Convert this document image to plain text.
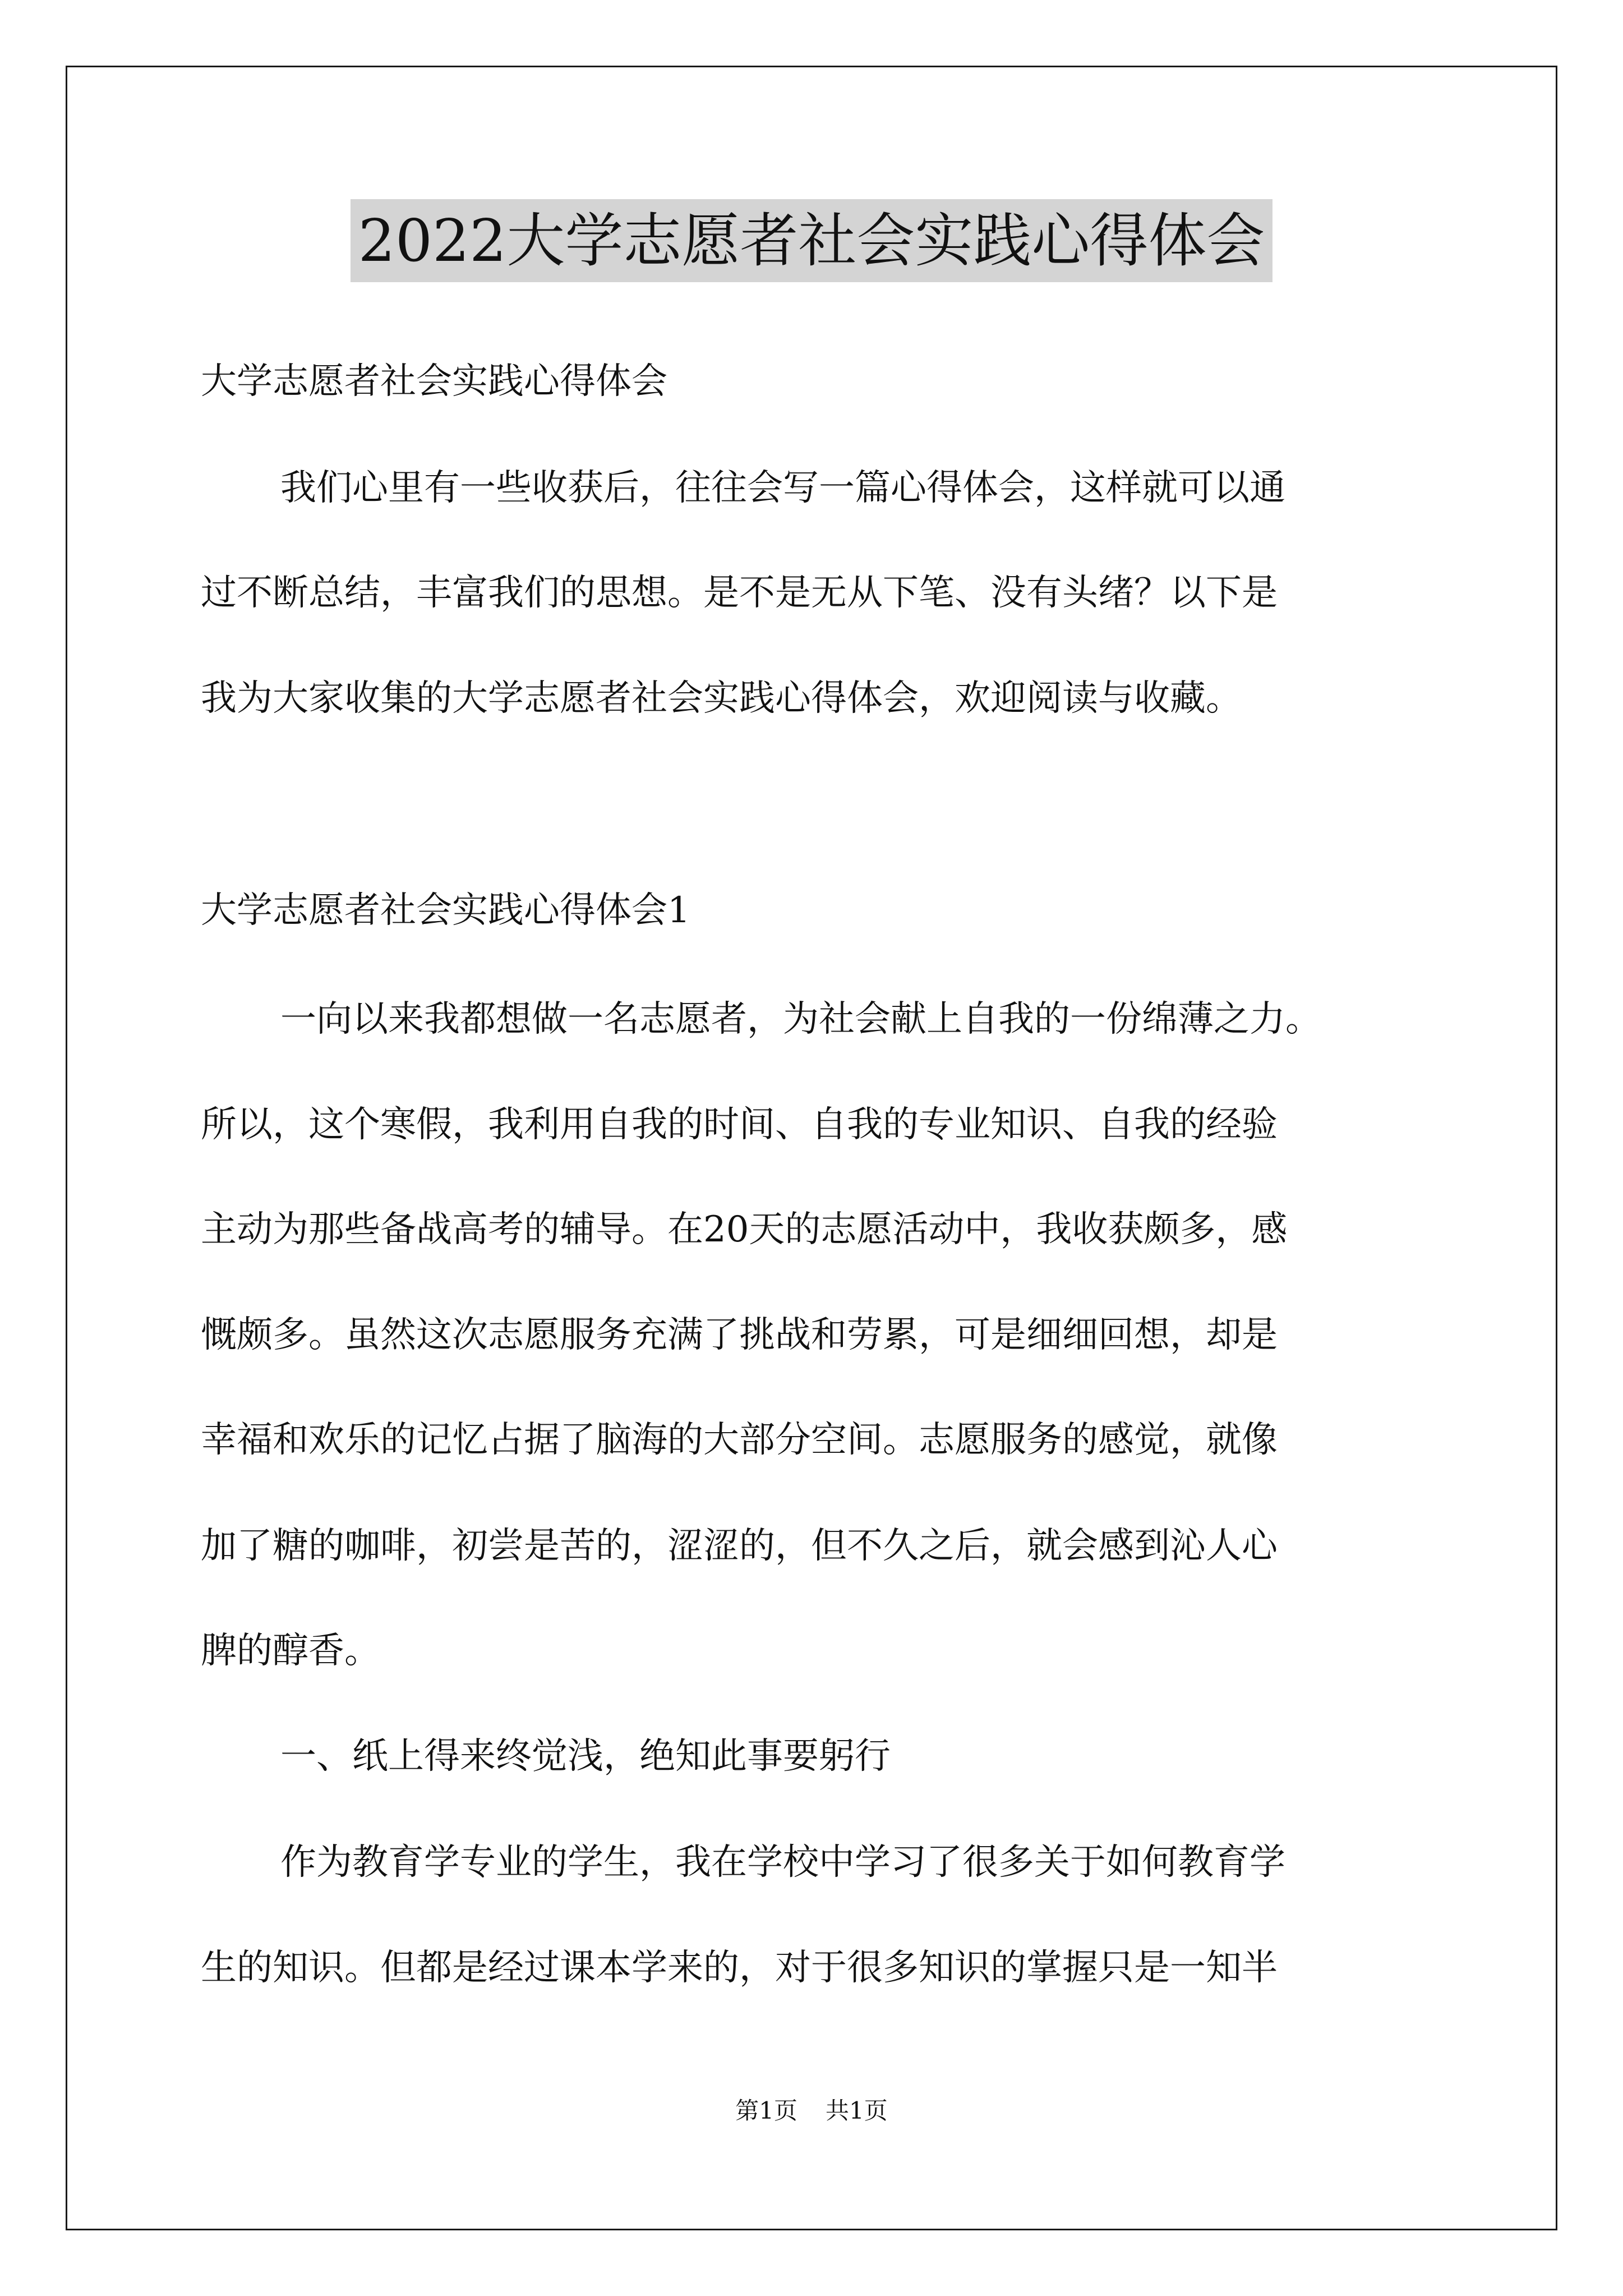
2022大学志愿者社会实践心得体会
大学志愿者社会实践心得体会
我们心里有一些收获后，往往会写一篇心得体会，这样就可以通
过不断总结，丰富我们的思想。是不是无从下笔、没有头绪？以下是
我为大家收集的大学志愿者社会实践心得体会，欢迎阅读与收藏。
大学志愿者社会实践心得体会1
一向以来我都想做一名志愿者，为社会献上自我的一份绵薄之力。
所以，这个寒假，我利用自我的时间、自我的专业知识、自我的经验
主动为那些备战高考的辅导。在20天的志愿活动中，我收获颇多，感
慨颇多。虽然这次志愿服务充满了挑战和劳累，可是细细回想，却是
幸福和欢乐的记忆占据了脑海的大部分空间。志愿服务的感觉，就像
加了糖的咖啡，初尝是苦的，涩涩的，但不久之后，就会感到沁人心
脾的醇香。
一、纸上得来终觉浅，绝知此事要躬行
作为教育学专业的学生，我在学校中学习了很多关于如何教育学
生的知识。但都是经过课本学来的，对于很多知识的掌握只是一知半
第1页 共1页
